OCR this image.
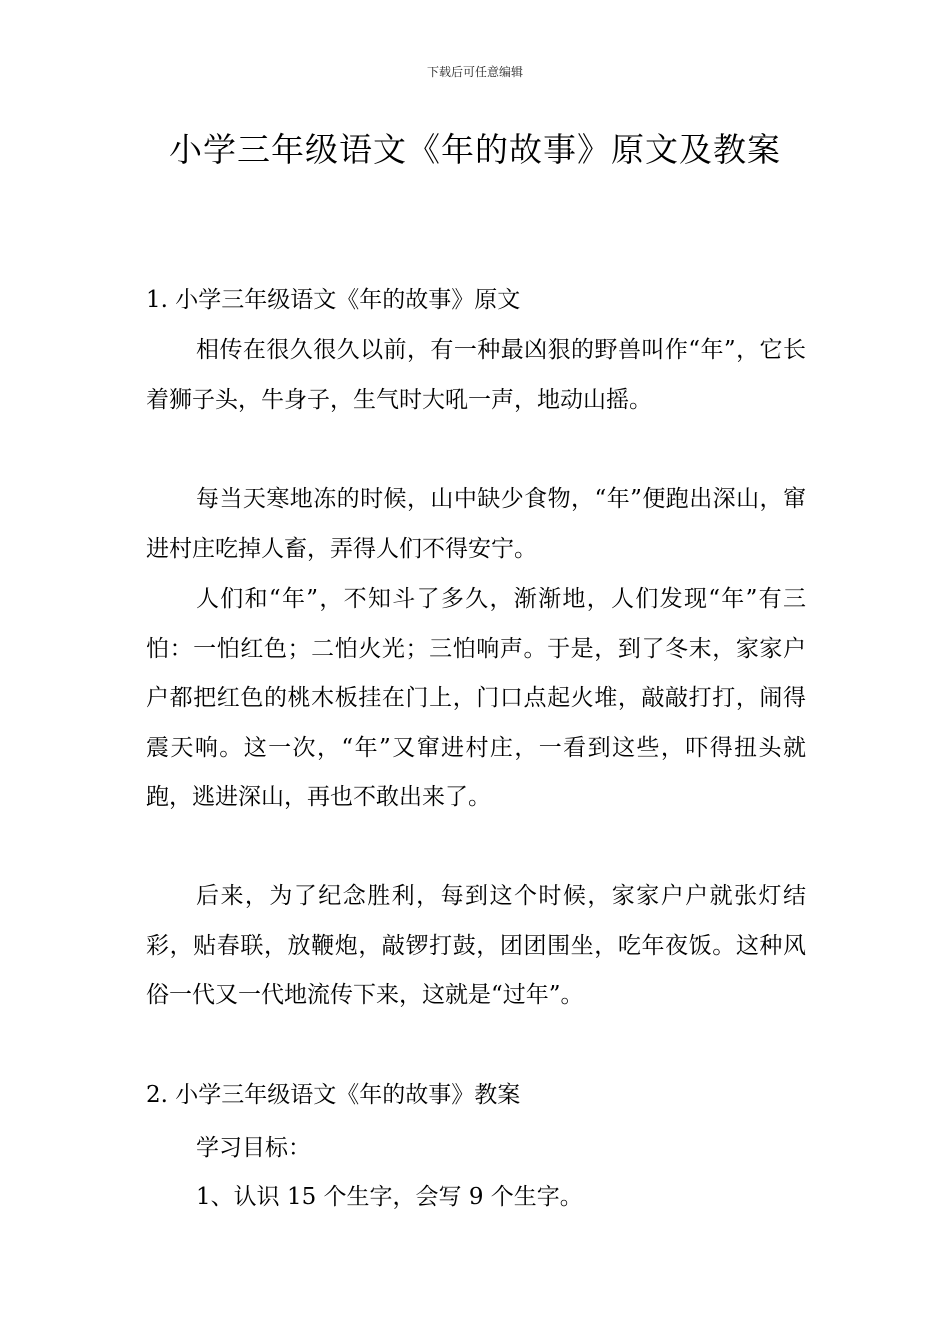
下载后可任意编辑
小学三年级语文《年的故事》原文及教案
1. 小学三年级语文《年的故事》原文

相传在很久很久以前，有一种最凶狠的野兽叫作“年”，它长着狮子头，牛身子，生气时大吼一声，地动山摇。

每当天寒地冻的时候，山中缺少食物，“年”便跑出深山，窜进村庄吃掉人畜，弄得人们不得安宁。

人们和“年”，不知斗了多久，渐渐地，人们发现“年”有三怕：一怕红色；二怕火光；三怕响声。于是，到了冬末，家家户户都把红色的桃木板挂在门上，门口点起火堆，敲敲打打，闹得震天响。这一次，“年”又窜进村庄，一看到这些，吓得扭头就跑，逃进深山，再也不敢出来了。

后来，为了纪念胜利，每到这个时候，家家户户就张灯结彩，贴春联，放鞭炮，敲锣打鼓，团团围坐，吃年夜饭。这种风俗一代又一代地流传下来，这就是“过年”。

2. 小学三年级语文《年的故事》教案
学习目标：
1、认识 15 个生字，会写 9 个生字。
